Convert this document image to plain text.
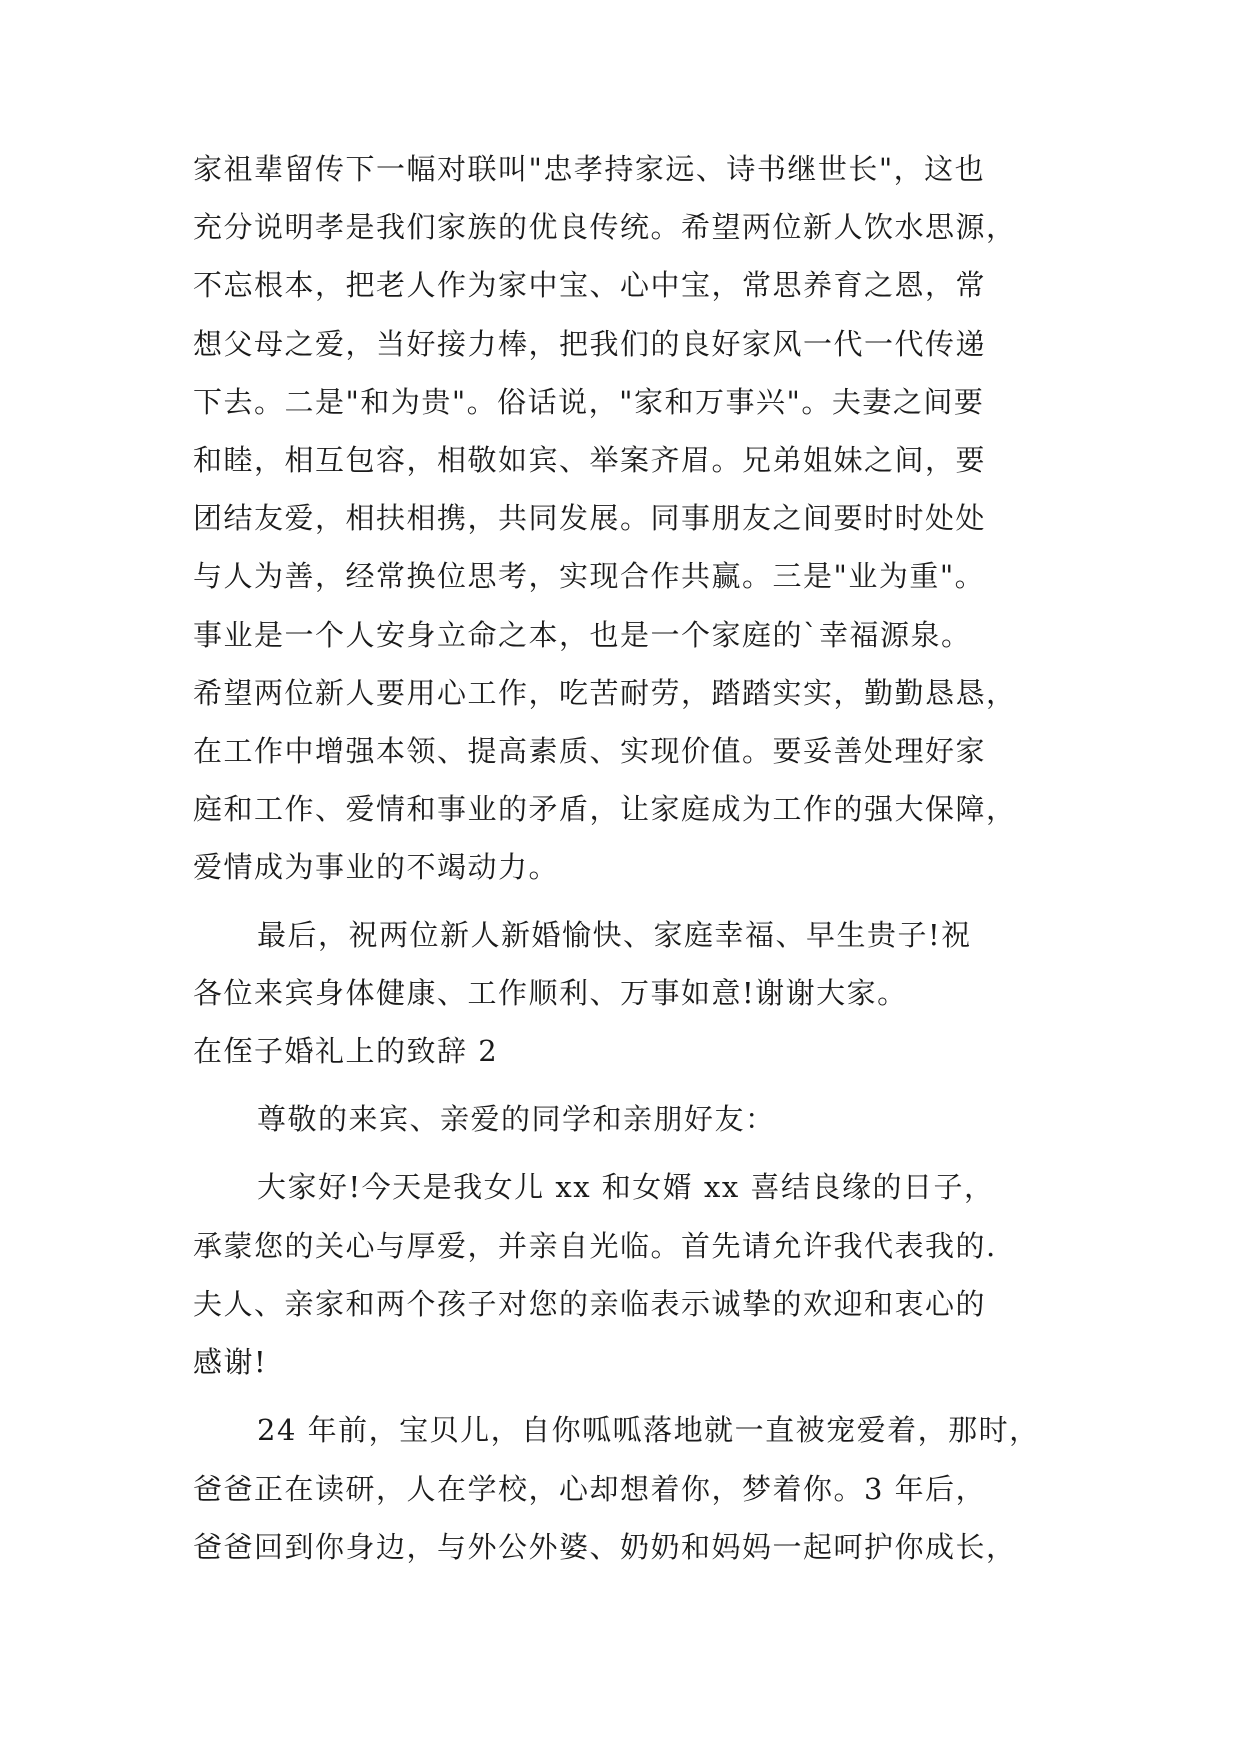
家祖辈留传下一幅对联叫"忠孝持家远、诗书继世长"，这也
充分说明孝是我们家族的优良传统。希望两位新人饮水思源，
不忘根本，把老人作为家中宝、心中宝，常思养育之恩，常
想父母之爱，当好接力棒，把我们的良好家风一代一代传递
下去。二是"和为贵"。俗话说，"家和万事兴"。夫妻之间要
和睦，相互包容，相敬如宾、举案齐眉。兄弟姐妹之间，要
团结友爱，相扶相携，共同发展。同事朋友之间要时时处处
与人为善，经常换位思考，实现合作共赢。三是"业为重"。
事业是一个人安身立命之本，也是一个家庭的`幸福源泉。
希望两位新人要用心工作，吃苦耐劳，踏踏实实，勤勤恳恳，
在工作中增强本领、提高素质、实现价值。要妥善处理好家
庭和工作、爱情和事业的矛盾，让家庭成为工作的强大保障，
爱情成为事业的不竭动力。
最后，祝两位新人新婚愉快、家庭幸福、早生贵子!祝
各位来宾身体健康、工作顺利、万事如意!谢谢大家。
在侄子婚礼上的致辞 2
尊敬的来宾、亲爱的同学和亲朋好友：
大家好!今天是我女儿 xx 和女婿 xx 喜结良缘的日子，
承蒙您的关心与厚爱，并亲自光临。首先请允许我代表我的.
夫人、亲家和两个孩子对您的亲临表示诚挚的欢迎和衷心的
感谢!
24 年前，宝贝儿，自你呱呱落地就一直被宠爱着，那时，
爸爸正在读研，人在学校，心却想着你，梦着你。3 年后，
爸爸回到你身边，与外公外婆、奶奶和妈妈一起呵护你成长，
